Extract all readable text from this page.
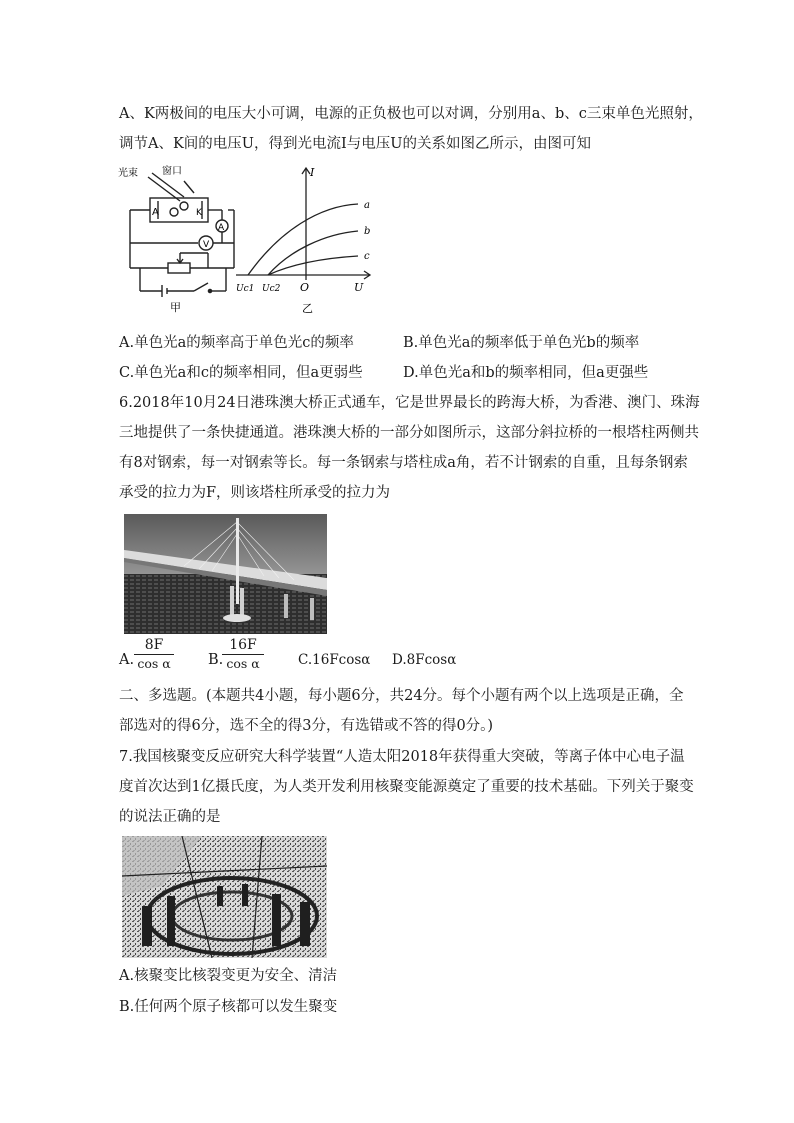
A、K两极间的电压大小可调，电源的正负极也可以对调，分别用a、b、c三束单色光照射，
调节A、K间的电压U，得到光电流I与电压U的关系如图乙所示，由图可知
光束 窗口
A	K
A
V
甲
I
U
O
Uc1 Uc2
a
b
c
乙
A.单色光a的频率高于单色光c的频率	B.单色光a的频率低于单色光b的频率
C.单色光a和c的频率相同，但a更弱些	D.单色光a和b的频率相同，但a更强些
6.2018年10月24日港珠澳大桥正式通车，它是世界最长的跨海大桥，为香港、澳门、珠海
三地提供了一条快捷通道。港珠澳大桥的一部分如图所示，这部分斜拉桥的一根塔柱两侧共
有8对钢索，每一对钢索等长。每一条钢索与塔柱成a角，若不计钢索的自重，且每条钢索
承受的拉力为F，则该塔柱所承受的拉力为
A.
8F
cos α	B.
16F
cos α	C.16Fcosα D.8Fcosα
二、多选题。(本题共4小题，每小题6分，共24分。每个小题有两个以上选项是正确，全
部选对的得6分，选不全的得3分，有选错或不答的得0分。)
7.我国核聚变反应研究大科学装置“人造太阳2018年获得重大突破，等离子体中心电子温
度首次达到1亿摄氏度，为人类开发利用核聚变能源奠定了重要的技术基础。下列关于聚变
的说法正确的是
A.核聚变比核裂变更为安全、清洁
B.任何两个原子核都可以发生聚变
